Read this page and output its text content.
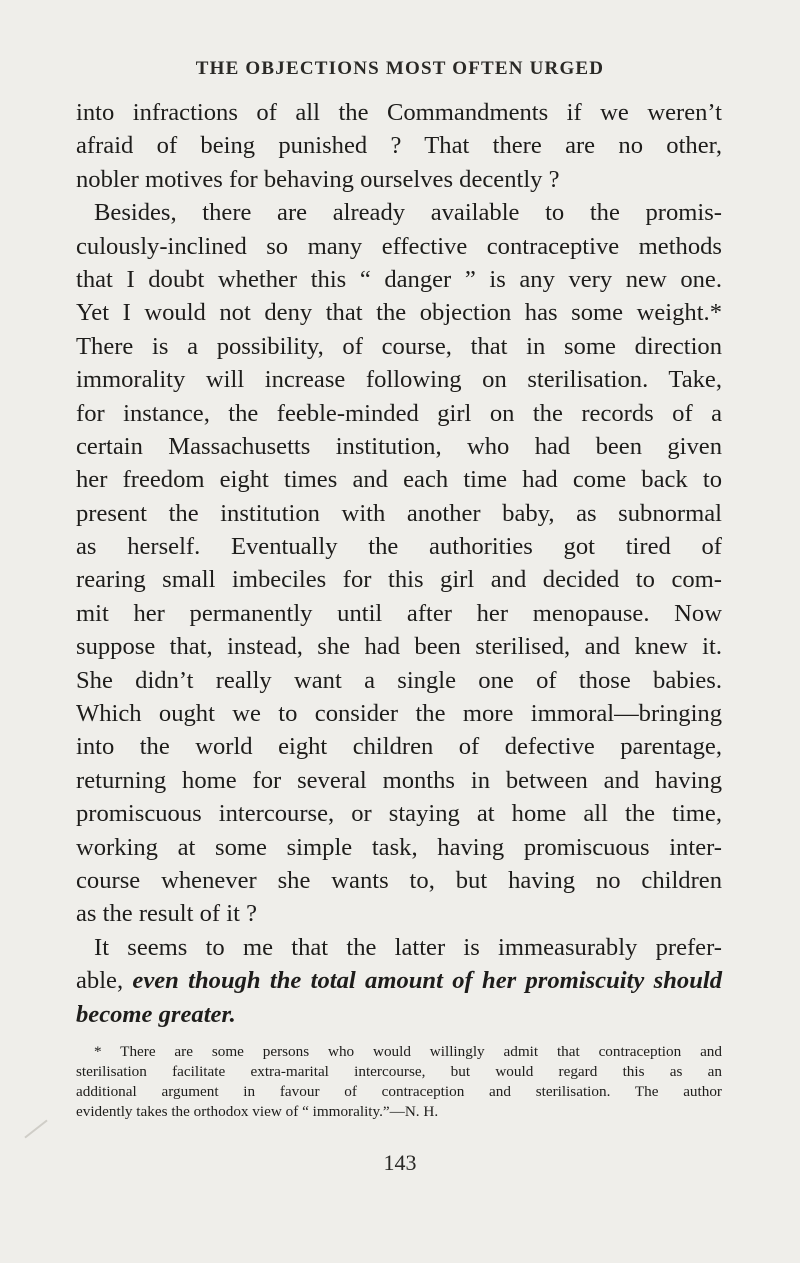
THE OBJECTIONS MOST OFTEN URGED
into infractions of all the Commandments if we weren’t
afraid of being punished ? That there are no other,
nobler motives for behaving ourselves decently ?
Besides, there are already available to the promis-
culously-inclined so many effective contraceptive methods
that I doubt whether this “ danger ” is any very new one.
Yet I would not deny that the objection has some weight.*
There is a possibility, of course, that in some direction
immorality will increase following on sterilisation. Take,
for instance, the feeble-minded girl on the records of a
certain Massachusetts institution, who had been given
her freedom eight times and each time had come back to
present the institution with another baby, as subnormal
as herself. Eventually the authorities got tired of
rearing small imbeciles for this girl and decided to com-
mit her permanently until after her menopause. Now
suppose that, instead, she had been sterilised, and knew it.
She didn’t really want a single one of those babies.
Which ought we to consider the more immoral—bringing
into the world eight children of defective parentage,
returning home for several months in between and having
promiscuous intercourse, or staying at home all the time,
working at some simple task, having promiscuous inter-
course whenever she wants to, but having no children
as the result of it ?
It seems to me that the latter is immeasurably prefer-
able, even though the total amount of her promiscuity should
become greater.
* There are some persons who would willingly admit that contraception and
sterilisation facilitate extra-marital intercourse, but would regard this as an
additional argument in favour of contraception and sterilisation. The author
evidently takes the orthodox view of “ immorality.”—N. H.
143
